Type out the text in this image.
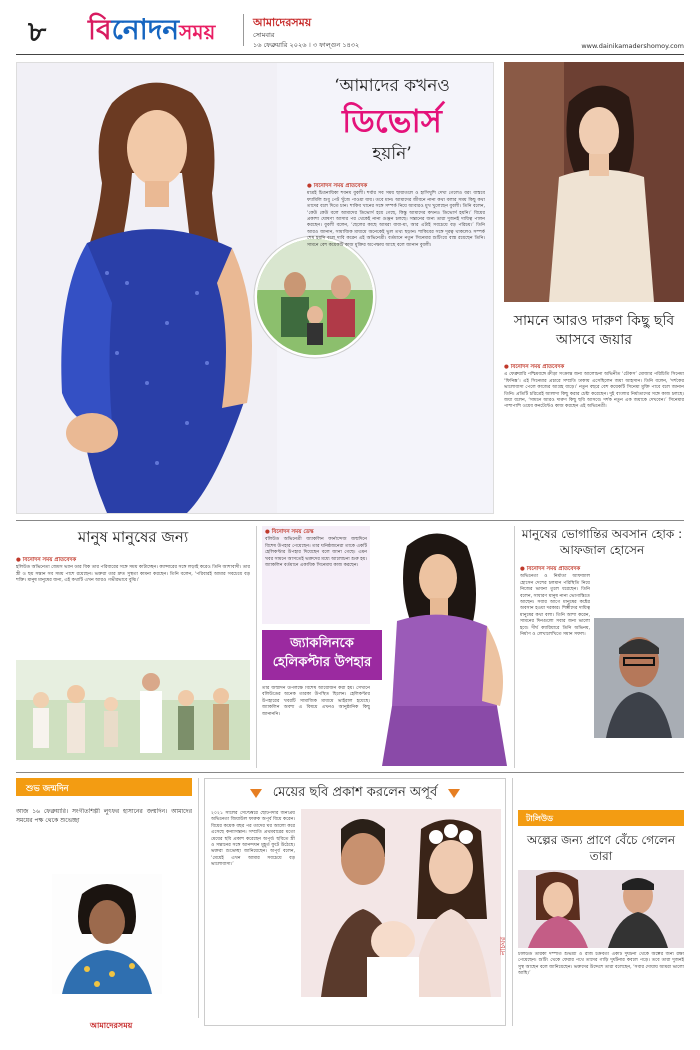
৮ বিনোদনসময়	আমাদেরসময়
সোমবার
১৬ ফেব্রুয়ারি ২০২৬ । ৩ ফাল্গুন ১৪৩২	www.dainikamadershomoy.com
‘আমাদের কখনও
ডিভোর্স
হয়নি’
● বিনোদন সময় প্রতিবেদক
মাত্রই চিত্রনায়িকা শবনম বুবলী। শর্বার সব সময় ছায়াতলে ও হাসিখুশি দেখা গেলেও বরং বাস্তবে ফ্যামিলি শুধু পেট খুঁজে পাওয়া যায়। তবে মান। আমাদের জীবনে নানা কথা বলার সময় কিছু কথা তাদের বলে দিতে চান। শাকিব খানের সঙ্গে সম্পর্ক নিয়ে আবারও মুখ খুলেছেন বুবলী। তিনি বলেন, ‘কেউ কেউ বলে আমাদের ডিভোর্স হয়ে গেছে, কিন্তু আমাদের কখনও ডিভোর্স হয়নি।’ বিয়ের প্রকাশ্য ঘোষণা আসার পর থেকেই নানা গুঞ্জন চলছে। সন্তানের জন্য তারা দুজনই দায়িত্ব পালন করছেন। বুবলী বলেন, ‘ছেলের কাছে আমরা বাবা-মা, আর এটাই সবচেয়ে বড় পরিচয়।’ তিনি আরও জানান, সামাজিক মাধ্যমে অনেকেই ভুল তথ্য ছড়ান। শাকিবের সঙ্গে দূরত্ব থাকলেও সম্পর্ক শেষ হয়নি বলে দাবি করেন এই অভিনেত্রী। বর্তমানে নতুন সিনেমার শুটিংয়ে ব্যস্ত রয়েছেন তিনি। সামনে বেশ কয়েকটি কাজ মুক্তির অপেক্ষায় আছে বলে জানান বুবলী।
সামনে আরও দারুণ কিছু ছবি আসবে জয়ার
● বিনোদন সময় প্রতিবেদক
এ ফেব্রুয়ারি পশ্চিমবঙ্গে ক্রীড়া সংক্রান্ত জন্য আলোচনা অভিনীত ‘চৌকস’ মোজার পরিচিতি সিনেমা ‘ফিনিক্স’। এই সিনেমার প্রচারে সম্প্রতি ঢাকায় এসেছিলেন জয়া আহসান। তিনি বলেন, ‘দর্শকের ভালোবাসা পেলে কাজের আগ্রহ বাড়ে।’ নতুন বছরে বেশ কয়েকটি সিনেমা মুক্তি পাবে বলে জানান তিনি। প্রতিটি চরিত্রেই আলাদা কিছু করার চেষ্টা করেছেন। দুই বাংলার নির্মাতাদের সঙ্গে কাজ চলছে। জয়া বলেন, ‘সামনে আরও দারুণ কিছু ছবি আসবে। দর্শক নতুন এক জয়াকে দেখবেন।’ সিনেমার পাশাপাশি ওয়েব কনটেন্টেও কাজ করছেন এই অভিনেত্রী।
মানুষ মানুষের জন্য
● বিনোদন সময় প্রতিবেদক
হলিউড অভিনেতা জেমস ভ্যান ডার বিক তার পরিবারের সঙ্গে সময় কাটাচ্ছেন। ক্যান্সারের সঙ্গে লড়াই করেও তিনি আশাবাদী। তার স্ত্রী ও ছয় সন্তান সব সময় পাশে রয়েছেন। ভক্তরা তার দ্রুত সুস্থতা কামনা করছেন। তিনি বলেন, ‘পরিবারই আমার সবচেয়ে বড় শক্তি। মানুষ মানুষের জন্য, এই কথাটি এখন আরও গভীরভাবে বুঝি।’
● বিনোদন সময় ডেস্ক
বলিউড অভিনেত্রী জ্যাকলিন ফার্নান্দেজ জন্মদিনে বিশেষ উপহার পেয়েছেন। তার ঘনিষ্ঠজনেরা তাকে একটি হেলিকপ্টার উপহার দিয়েছেন বলে জানা গেছে। এমন খবর সামনে আসতেই ভক্তদের মধ্যে আলোচনা শুরু হয়। জ্যাকলিন বর্তমানে একাধিক সিনেমায় কাজ করছেন।
জ্যাকলিনকে হেলিকপ্টার উপহার
তার জন্মদিন উপলক্ষে বিশেষ আয়োজন করা হয়। সেখানে বলিউডের অনেক তারকা উপস্থিত ছিলেন। হেলিকপ্টার উপহারের খবরটি সামাজিক মাধ্যমে ভাইরাল হয়েছে। জ্যাকলিন অবশ্য এ বিষয়ে এখনও আনুষ্ঠানিক কিছু জানাননি।
মানুষের ভোগান্তির অবসান হোক : আফজাল হোসেন
● বিনোদন সময় প্রতিবেদক
অভিনেতা ও নির্মাতা আফজাল হোসেন দেশের চলমান পরিস্থিতি নিয়ে নিজের ভাবনা তুলে ধরেছেন। তিনি বলেন, সাধারণ মানুষ নানা ভোগান্তিতে আছেন। সবার আগে মানুষের কষ্টের অবসান হওয়া দরকার। শিল্পীদের দায়িত্ব মানুষের কথা বলা। তিনি আশা করেন, সামনের দিনগুলো সবার জন্য ভালো হবে। দীর্ঘ ক্যারিয়ারে তিনি অভিনয়, নির্মাণ ও লেখালেখিতে সমান সফল।
শুভ জন্মদিন
আজ ১৬ ফেব্রুয়ারি। সংগীতশিল্পী লুৎফর হাসানের জন্মদিন। আমাদের সময়ের পক্ষ থেকে শুভেচ্ছা
আমাদেরসময়
মেয়ের ছবি প্রকাশ করলেন অপূর্ব
২০২১ সালের সেপ্টেম্বরে ছোটপর্দার জনপ্রিয় অভিনেতা জিয়াউল ফারুক অপূর্ব বিয়ে করেন। বিয়ের কয়েক বছর পর তাদের ঘর আলো করে এসেছে কন্যাসন্তান। সম্প্রতি প্রথমবারের মতো মেয়ের ছবি প্রকাশ করেছেন অপূর্ব। ছবিতে স্ত্রী ও সন্তানের সঙ্গে আনন্দঘন মুহূর্ত ফুটে উঠেছে। ভক্তরা শুভেচ্ছা জানিয়েছেন। অপূর্ব বলেন, ‘মেয়েই এখন আমার সবচেয়ে বড় ভালোবাসা।’
নাচঘর
টালিউড
অল্পের জন্য প্রাণে বেঁচে গেলেন তারা
টলিউড তারকা দম্পতি শুভশ্রী ও রাজ চক্রবর্তী একটি দুর্ঘটনা থেকে অল্পের জন্য রক্ষা পেয়েছেন। শুটিং থেকে ফেরার পথে তাদের গাড়ি দুর্ঘটনার কবলে পড়ে। তবে তারা দুজনই সুস্থ আছেন বলে জানিয়েছেন। ভক্তদের উদ্দেশে তারা বলেছেন, ‘সবার দোয়ায় আমরা ভালো আছি।’
